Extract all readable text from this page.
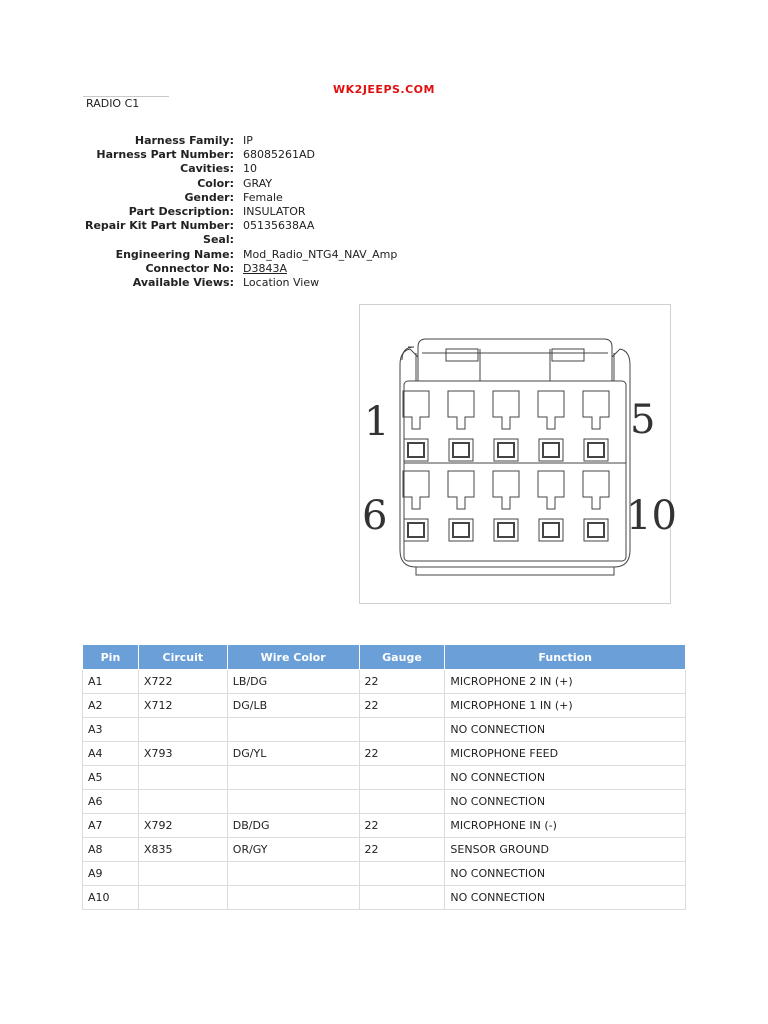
WK2JEEPS.COM
RADIO C1
Harness Family: IP
Harness Part Number: 68085261AD
Cavities: 10
Color: GRAY
Gender: Female
Part Description: INSULATOR
Repair Kit Part Number: 05135638AA
Seal:
Engineering Name: Mod_Radio_NTG4_NAV_Amp
Connector No: D3843A
Available Views: Location View
1	5
6	10
Pin	Circuit	Wire Color	Gauge	Function
A1	X722	LB/DG	22	MICROPHONE 2 IN (+)
A2	X712	DG/LB	22	MICROPHONE 1 IN (+)
A3				NO CONNECTION
A4	X793	DG/YL	22	MICROPHONE FEED
A5				NO CONNECTION
A6				NO CONNECTION
A7	X792	DB/DG	22	MICROPHONE IN (-)
A8	X835	OR/GY	22	SENSOR GROUND
A9				NO CONNECTION
A10				NO CONNECTION
